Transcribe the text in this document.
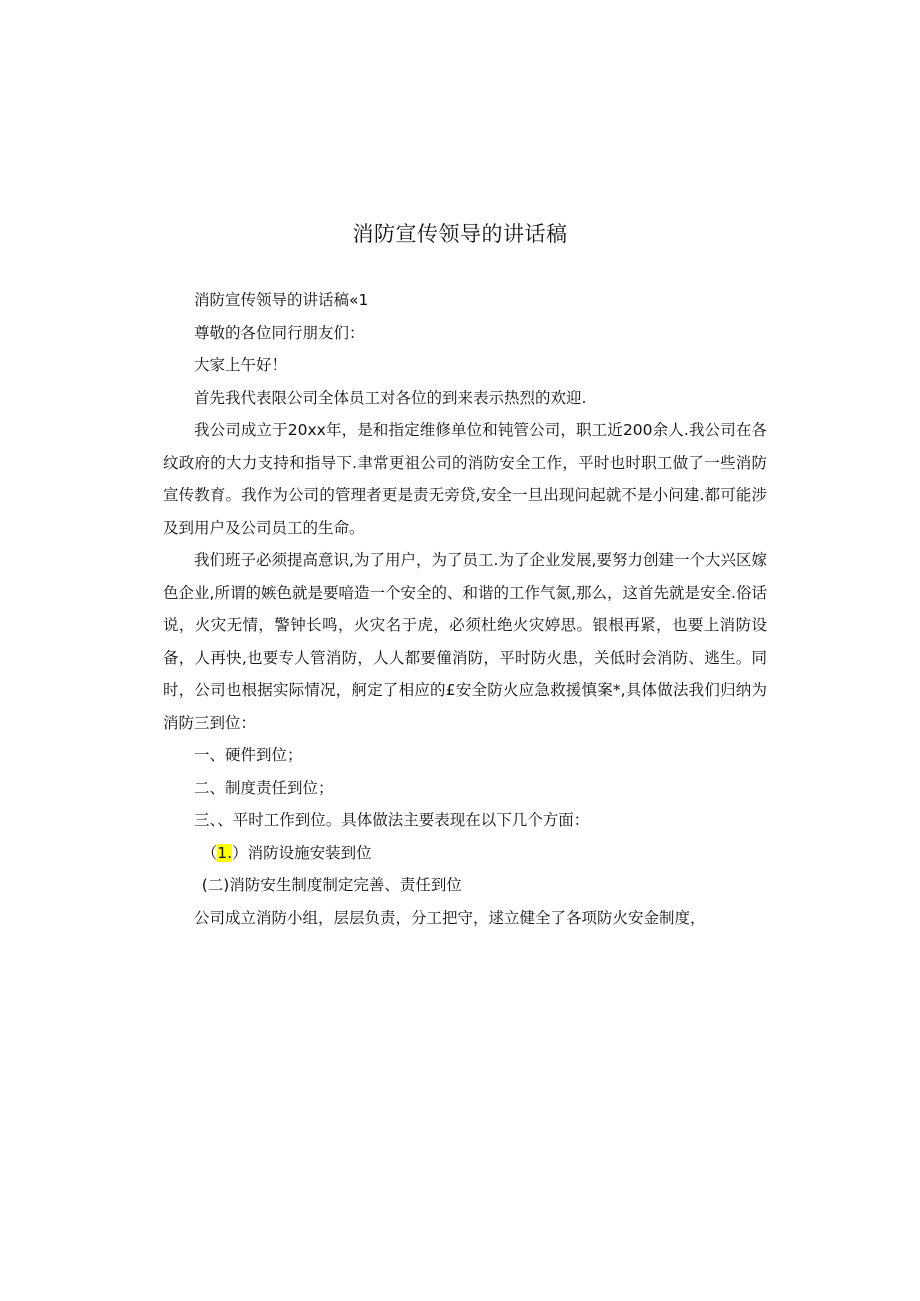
消防宣传领导的讲话稿

消防宣传领导的讲话稿«1

尊敬的各位同行朋友们：

大家上午好！

首先我代表限公司全体员工对各位的到来表示热烈的欢迎.

我公司成立于20xx年，是和指定维修单位和钝管公司，职工近200余人.我公司在各纹政府的大力支持和指导下.聿常更祖公司的消防安全工作，平时也时职工做了一些消防宣传教育。我作为公司的管理者更是责无旁贷,安全一旦出现问起就不是小问建.都可能涉及到用户及公司员工的生命。

我们班子必须提高意识,为了用户，为了员工.为了企业发展,要努力创建一个大兴区嫁色企业,所谓的嫉色就是要喑造一个安全的、和谐的工作气氮,那么，这首先就是安全.俗话说，火灾无情，警钟长鸣，火灾名于虎，必须杜绝火灾婷思。银根再紧，也要上消防设备，人再快,也要专人管消防，人人都要僮消防，平时防火患，关低时会消防、逃生。同时，公司也根据实际情况，舸定了相应的£安全防火应急救援慎案*,具体做法我们归纳为消防三到位：

一、硬件到位；

二、制度责任到位；

三、、平时工作到位。具体做法主要表现在以下几个方面：

（1.）消防设施安装到位

(二)消防安生制度制定完善、责任到位

公司成立消防小组，层层负责，分工把守，逑立健全了各项防火安金制度，
